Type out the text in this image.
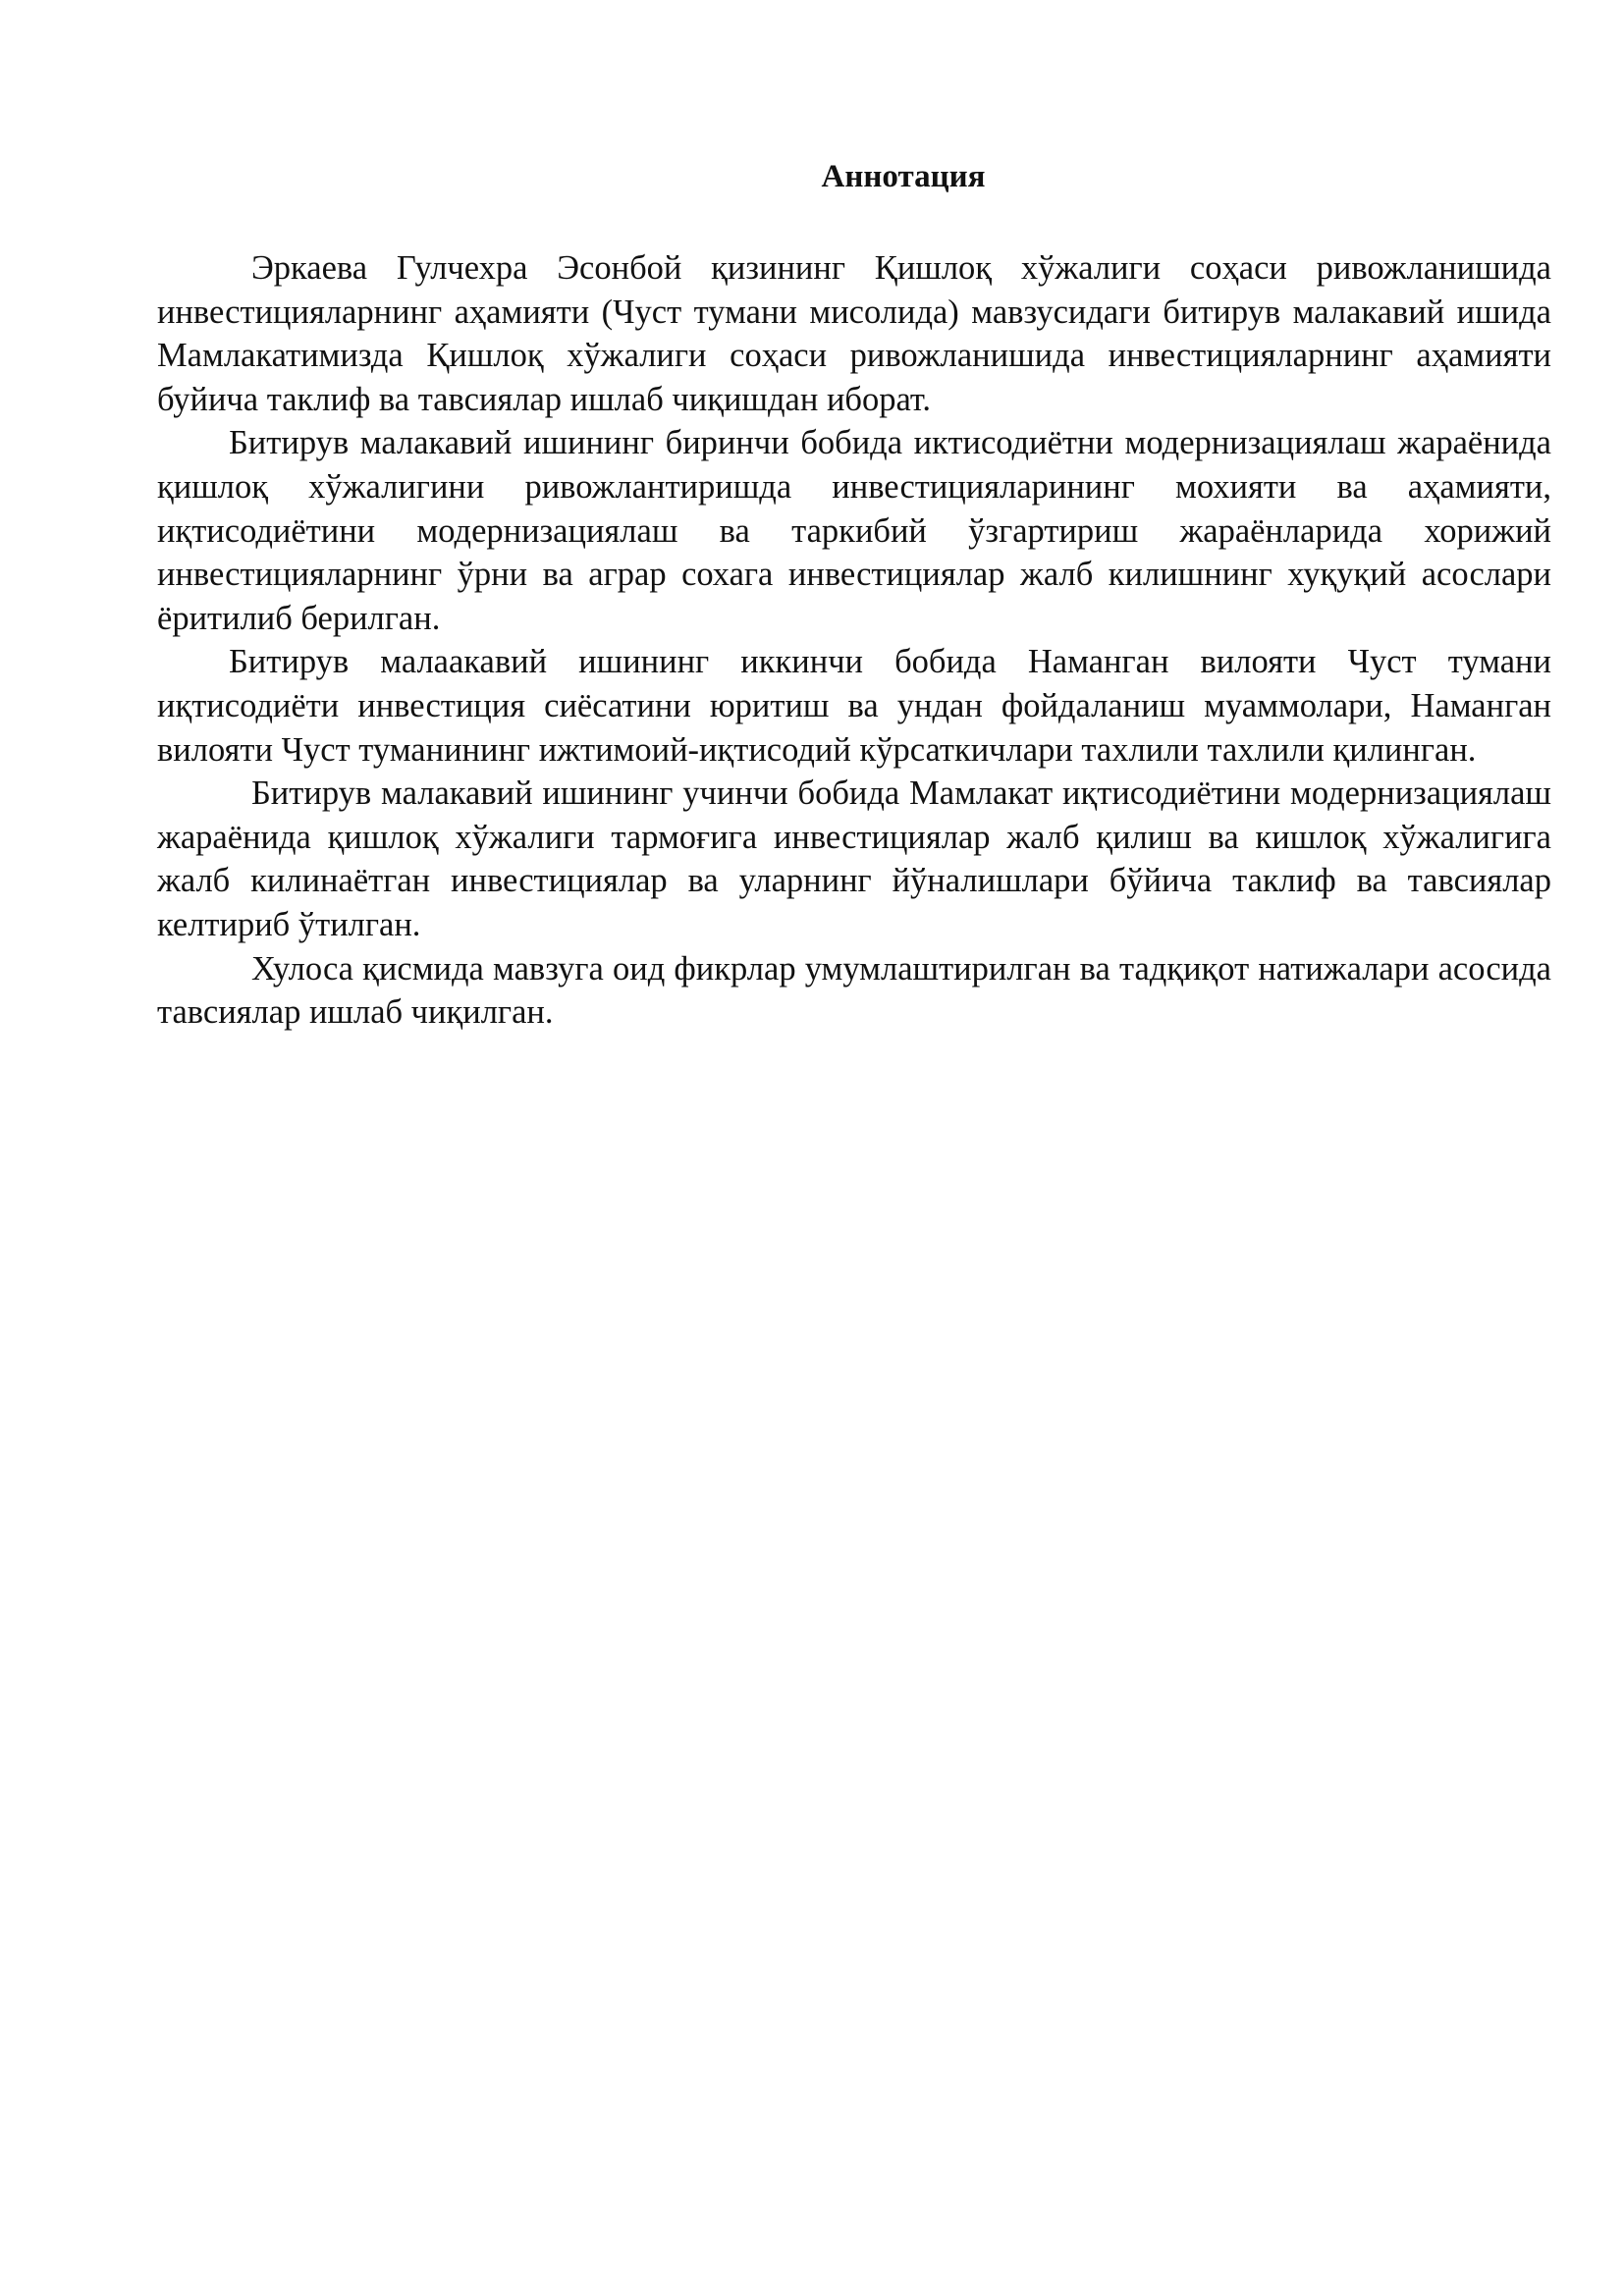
Аннотация

Эркаева Гулчехра Эсонбой қизининг Қишлоқ хўжалиги соҳаси ривожланишида инвестицияларнинг аҳамияти (Чуст тумани мисолида) мавзусидаги битирув малакавий ишида Мамлакатимизда Қишлоқ хўжалиги соҳаси ривожланишида инвестицияларнинг аҳамияти буйича таклиф ва тавсиялар ишлаб чиқишдан иборат.

Битирув малакавий ишининг биринчи бобида иктисодиётни модернизациялаш жараёнида қишлоқ хўжалигини ривожлантиришда инвестицияларининг мохияти ва аҳамияти, иқтисодиётини модернизациялаш ва таркибий ўзгартириш жараёнларида хорижий инвестицияларнинг ўрни ва аграр сохага инвестициялар жалб килишнинг хуқуқий асослари ёритилиб берилган.

Битирув малаакавий ишининг иккинчи бобида Наманган вилояти Чуст тумани иқтисодиёти инвестиция сиёсатини юритиш ва ундан фойдаланиш муаммолари, Наманган вилояти Чуст туманининг ижтимоий-иқтисодий кўрсаткичлари тахлили тахлили қилинган.

Битирув малакавий ишининг учинчи бобида Мамлакат иқтисодиётини модернизациялаш жараёнида қишлоқ хўжалиги тармоғига инвестициялар жалб қилиш ва кишлоқ хўжалигига жалб килинаётган инвестициялар ва уларнинг йўналишлари бўйича таклиф ва тавсиялар келтириб ўтилган.

Хулоса қисмида мавзуга оид фикрлар умумлаштирилган ва тадқиқот натижалари асосида тавсиялар ишлаб чиқилган.
